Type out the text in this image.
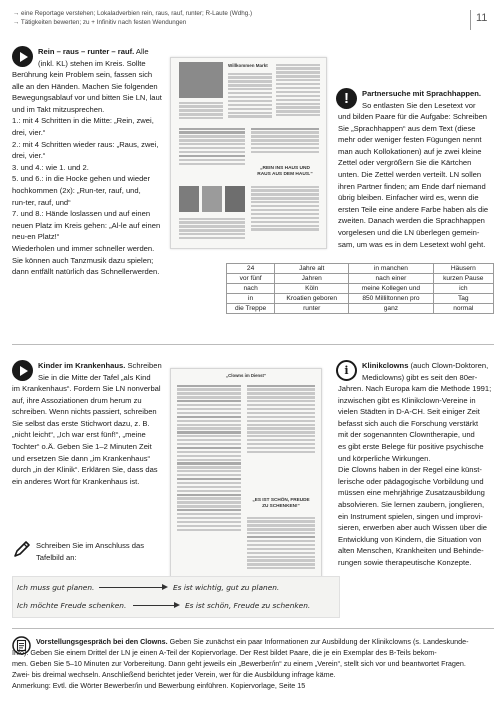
→ eine Reportage verstehen; Lokaladverbien rein, raus, rauf, runter; R-Laute (Wdhg.)
→ Tätigkeiten bewerten; zu + Infinitiv nach festen Wendungen	11
Rein – raus – runter – rauf. Alle
(inkl. KL) stehen im Kreis. Sollte
Berührung kein Problem sein, fassen sich
alle an den Händen. Machen Sie folgenden
Bewegungsablauf vor und bitten Sie LN, laut
und im Takt mitzusprechen.
1.: mit 4 Schritten in die Mitte: „Rein, zwei,
drei, vier.“
2.: mit 4 Schritten wieder raus: „Raus, zwei,
drei, vier.“
3. und 4.: wie 1. und 2.
5. und 6.: in die Hocke gehen und wieder
hochkommen (2x): „Run-ter, rauf, und,
run-ter, rauf, und“
7. und 8.: Hände loslassen und auf einen
neuen Platz im Kreis gehen: „Al-le auf einen
neu-en Platz!“
Wiederholen und immer schneller werden.
Sie können auch Tanzmusik dazu spielen;
dann entfällt natürlich das Schnellerwerden.
Willkommen Markt
„REIN INS HAUS UND RAUS AUS DEM HAUS.“
! Partnersuche mit Sprachhappen.
So entlasten Sie den Lesetext vor
und bilden Paare für die Aufgabe: Schreiben
Sie „Sprachhappen“ aus dem Text (diese
mehr oder weniger festen Fügungen nennt
man auch Kollokationen) auf je zwei kleine
Zettel oder vergrößern Sie die Kärtchen
unten. Die Zettel werden verteilt. LN sollen
ihren Partner finden; am Ende darf niemand
übrig bleiben. Einfacher wird es, wenn die
ersten Teile eine andere Farbe haben als die
zweiten. Danach werden die Sprachhappen
vorgelesen und die LN überlegen gemein-
sam, um was es in dem Lesetext wohl geht.
24	Jahre alt	in manchen	Häusern
vor fünf	Jahren	nach einer	kurzen Pause
nach	Köln	meine Kollegen und	ich
in	Kroatien geboren	850 Milliltonnen pro	Tag
die Treppe	runter	ganz	normal
Kinder im Krankenhaus. Schreiben
Sie in die Mitte der Tafel „als Kind
im Krankenhaus“. Fordern Sie LN nonverbal
auf, ihre Assoziationen drum herum zu
schreiben. Wenn nichts passiert, schreiben
Sie selbst das erste Stichwort dazu, z. B.
„nicht leicht“, „Ich war erst fünf!“, „meine
Tochter“ o.Ä. Geben Sie 1–2 Minuten Zeit
und ersetzen Sie dann „im Krankenhaus“
durch „in der Klinik“. Erklären Sie, dass das
ein anderes Wort für Krankenhaus ist.
Schreiben Sie im Anschluss das
Tafelbild an:
„Clowns im Dienst“
„ES IST SCHÖN, FREUDE ZU SCHENKEN!“
i Klinikclowns (auch Clown-Doktoren,
Mediclowns) gibt es seit den 80er-
Jahren. Nach Europa kam die Methode 1991;
inzwischen gibt es Klinikclown-Vereine in
vielen Städten in D-A-CH. Seit einiger Zeit
befasst sich auch die Forschung verstärkt
mit der sogenannten Clowntherapie, und
es gibt erste Belege für positive psychische
und körperliche Wirkungen.
Die Clowns haben in der Regel eine künst-
lerische oder pädagogische Vorbildung und
müssen eine mehrjährige Zusatzausbildung
absolvieren. Sie lernen zaubern, jonglieren,
ein Instrument spielen, singen und improvi-
sieren, erwerben aber auch Wissen über die
Entwicklung von Kindern, die Situation von
alten Menschen, Krankheiten und Behinde-
rungen sowie therapeutische Konzepte.
Ich muss gut planen.	Es ist wichtig, gut zu planen.
Ich möchte Freude schenken.	Es ist schön, Freude zu schenken.
Vorstellungsgespräch bei den Clowns. Geben Sie zunächst ein paar Informationen zur Ausbildung der Klinikclowns (s. Landeskunde-
Info). Geben Sie einem Drittel der LN je einen A-Teil der Kopiervorlage. Der Rest bildet Paare, die je ein Exemplar des B-Teils bekom-
men. Geben Sie 5–10 Minuten zur Vorbereitung. Dann geht jeweils ein „Bewerber/in“ zu einem „Verein“, stellt sich vor und beantwortet Fragen.
Zwei- bis dreimal wechseln. Anschließend berichtet jeder Verein, wer für die Ausbildung infrage käme.
Anmerkung: Evtl. die Wörter Bewerber/in und Bewerbung einführen. Kopiervorlage, Seite 15
